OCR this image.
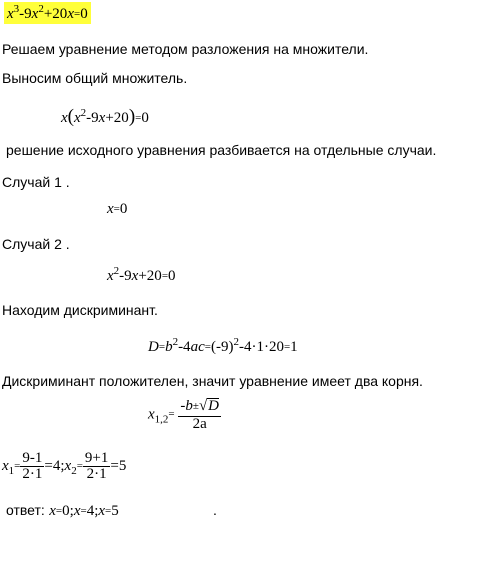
$x^3-9x^2+20x=0$
Решаем уравнение методом разложения на множители.
Выносим общий множитель.
$x(x^2-9x+20)=0$
решение исходного уравнения разбивается на отдельные случаи.
Случай 1 .
x=0
Случай 2 .
$x^2-9x+20=0$
Находим дискриминант.
$D=b^2-4ac=(-9)^2-4\cdot 1\cdot 20=1$
Дискриминант положителен, значит уравнение имеет два корня.
$x_{1,2}= \frac{-b\pm√D}{2a}$
$x_1= \frac{9-1}{2\cdot 1}$ $=4;x_2= \frac{9+1}{2\cdot 1} =5$
ответ: x=0;x=4;x=5	.
